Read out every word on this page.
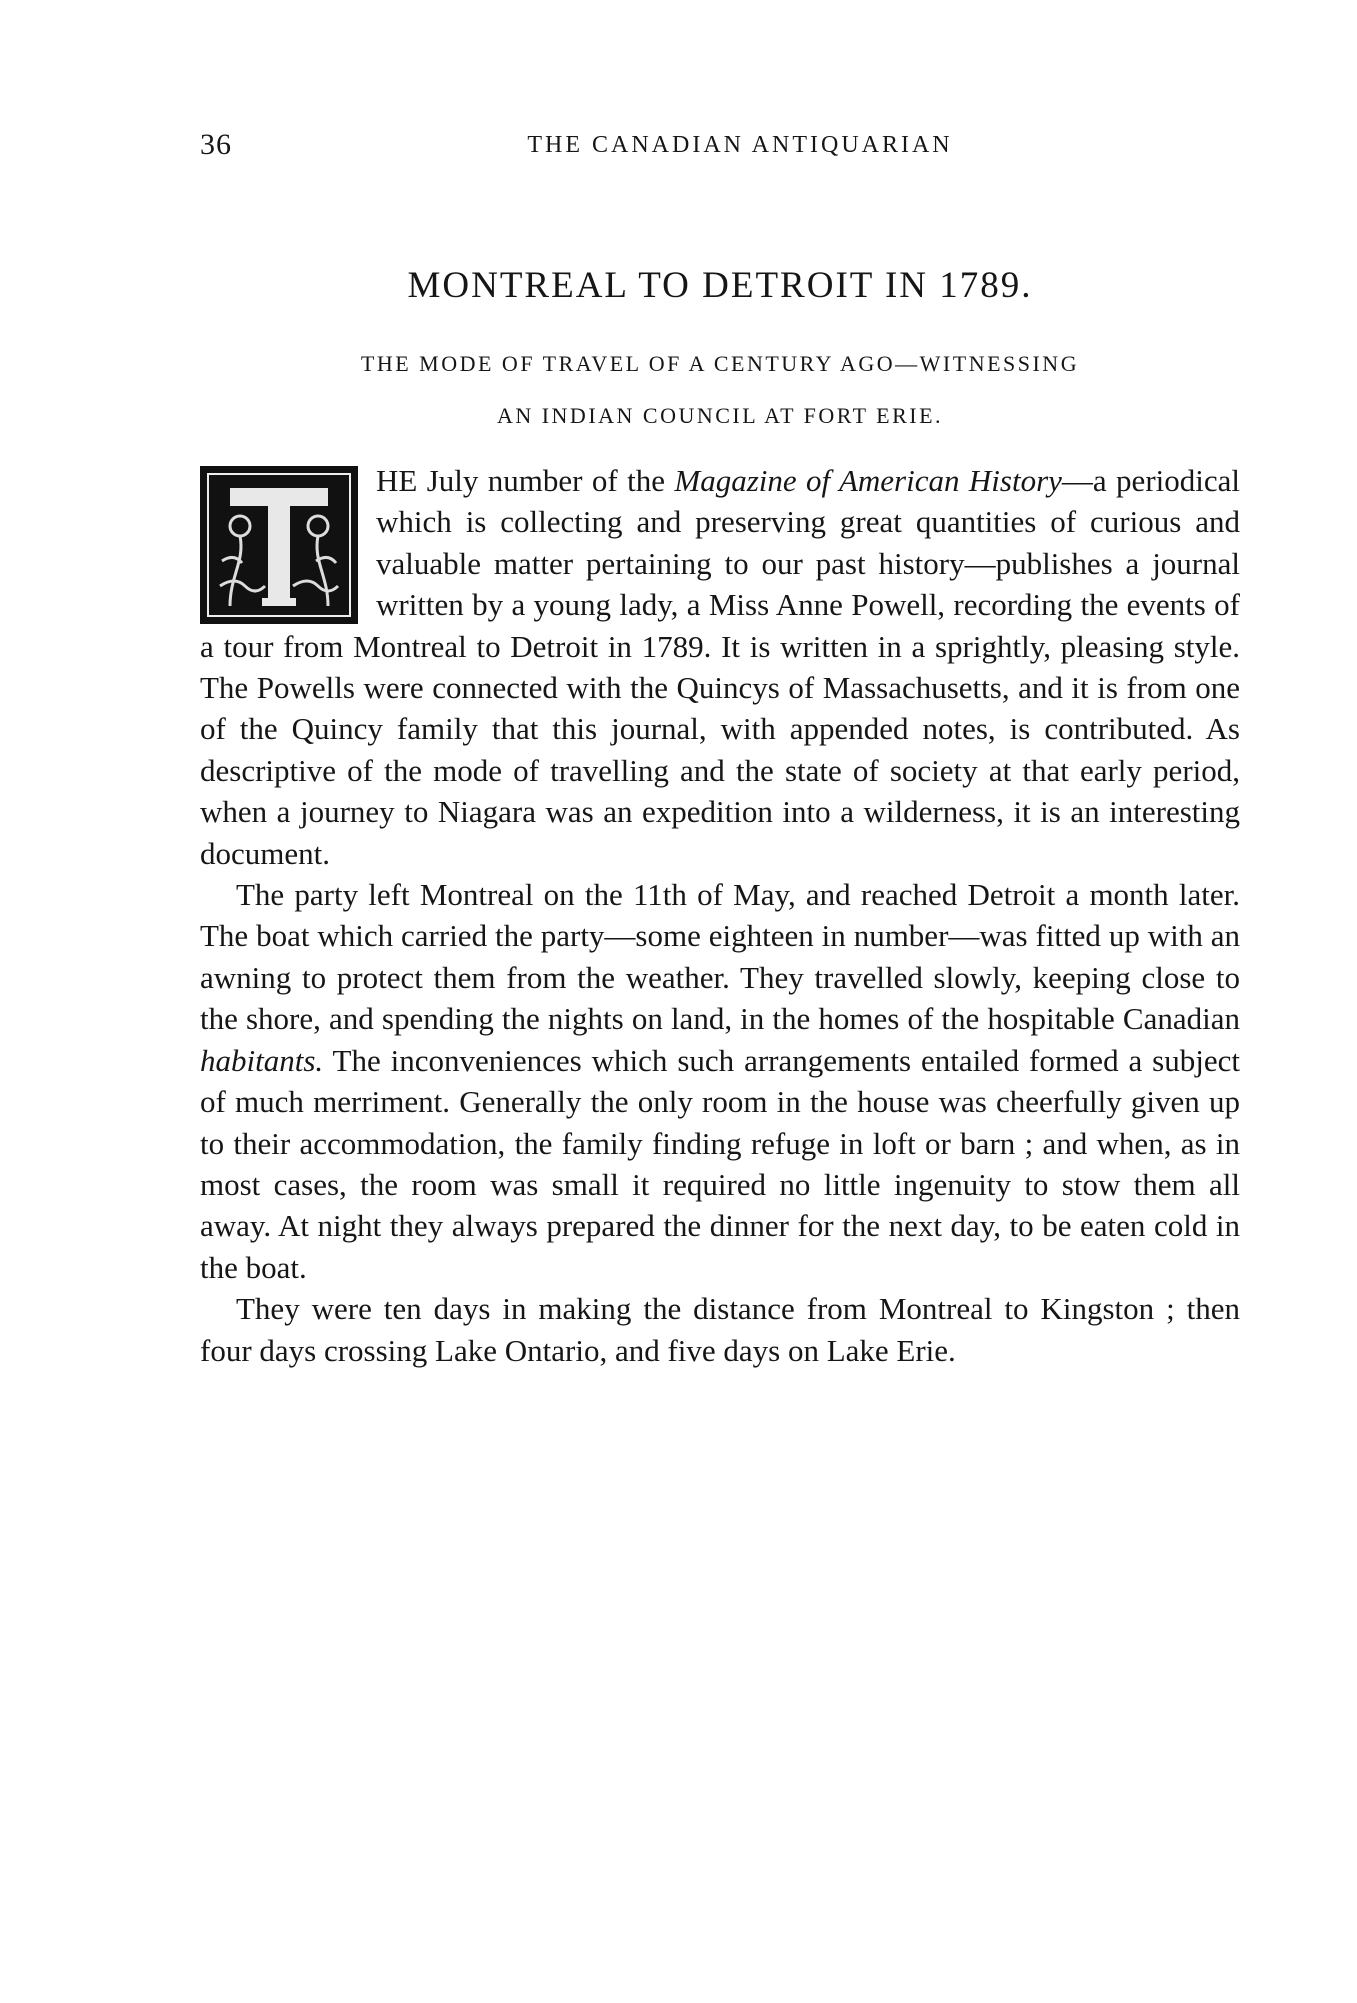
36	THE CANADIAN ANTIQUARIAN
MONTREAL TO DETROIT IN 1789.
THE MODE OF TRAVEL OF A CENTURY AGO—WITNESSING
AN INDIAN COUNCIL AT FORT ERIE.

HE July number of the Magazine of American History—a periodical which is collecting and preserving great quantities of curious and valuable matter pertaining to our past history—publishes a journal written by a young lady, a Miss Anne Powell, recording the events of a tour from Montreal to Detroit in 1789. It is written in a sprightly, pleasing style. The Powells were connected with the Quincys of Massachusetts, and it is from one of the Quincy family that this journal, with appended notes, is contributed. As descriptive of the mode of travelling and the state of society at that early period, when a journey to Niagara was an expedition into a wilderness, it is an interesting document.

The party left Montreal on the 11th of May, and reached Detroit a month later. The boat which carried the party—some eighteen in number—was fitted up with an awning to protect them from the weather. They travelled slowly, keeping close to the shore, and spending the nights on land, in the homes of the hospitable Canadian habitants. The inconveniences which such arrangements entailed formed a subject of much merriment. Generally the only room in the house was cheerfully given up to their accommodation, the family finding refuge in loft or barn ; and when, as in most cases, the room was small it required no little ingenuity to stow them all away. At night they always prepared the dinner for the next day, to be eaten cold in the boat.

They were ten days in making the distance from Montreal to Kingston ; then four days crossing Lake Ontario, and five days on Lake Erie.
